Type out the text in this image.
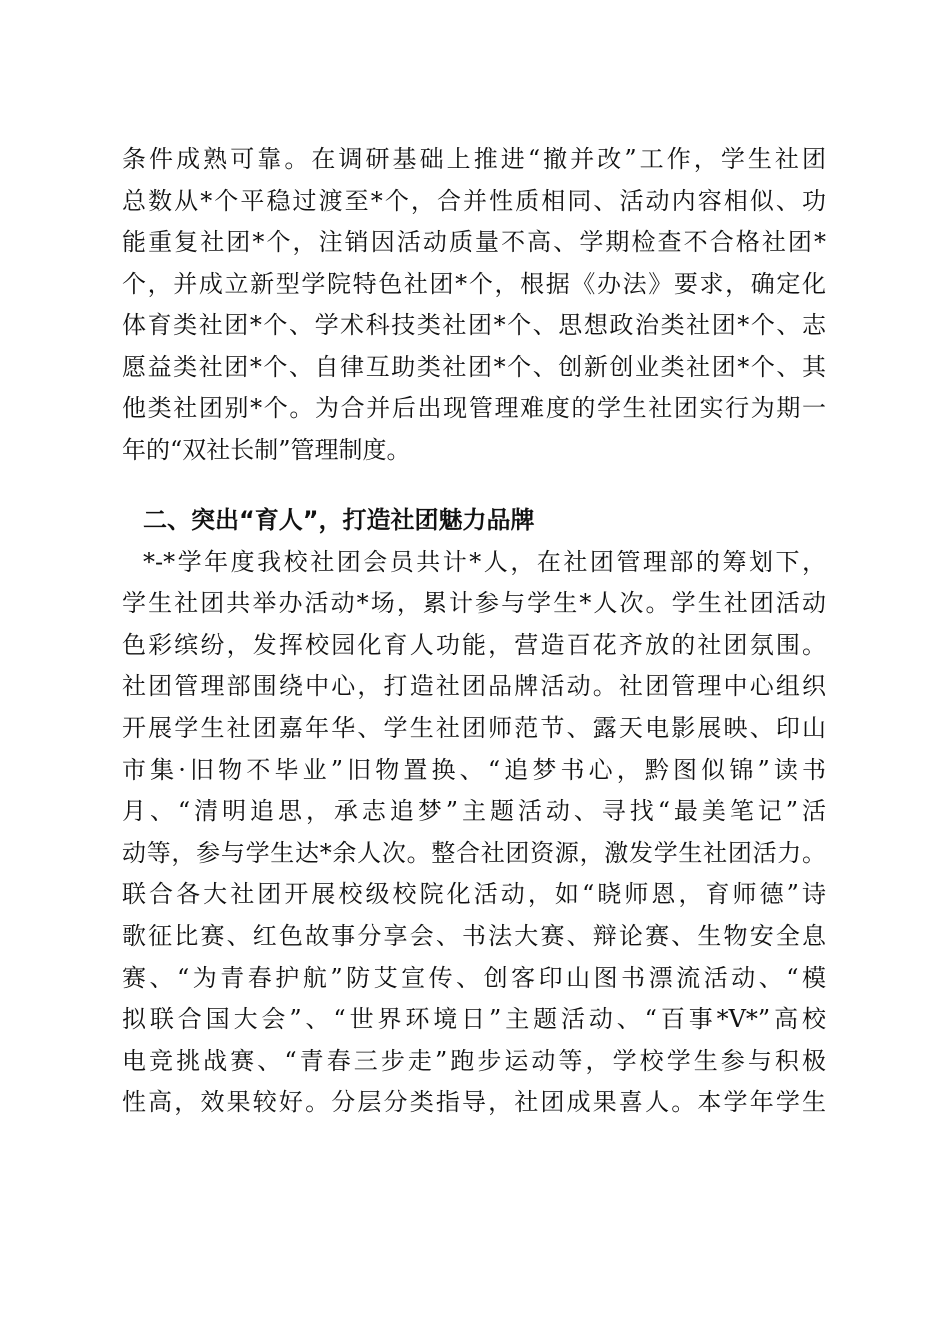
条件成熟可靠。在调研基础上推进“撤并改”工作，学生社团
总数从*个平稳过渡至*个，合并性质相同、活动内容相似、功
能重复社团*个，注销因活动质量不高、学期检查不合格社团*
个，并成立新型学院特色社团*个，根据《办法》要求，确定化
体育类社团*个、学术科技类社团*个、思想政治类社团*个、志
愿益类社团*个、自律互助类社团*个、创新创业类社团*个、其
他类社团别*个。为合并后出现管理难度的学生社团实行为期一
年的“双社长制”管理制度。
二、突出“育人”，打造社团魅力品牌
*-*学年度我校社团会员共计*人，在社团管理部的筹划下，
学生社团共举办活动*场，累计参与学生*人次。学生社团活动
色彩缤纷，发挥校园化育人功能，营造百花齐放的社团氛围。
社团管理部围绕中心，打造社团品牌活动。社团管理中心组织
开展学生社团嘉年华、学生社团师范节、露天电影展映、印山
市集·旧物不毕业”旧物置换、“追梦书心，黔图似锦”读书
月、“清明追思，承志追梦”主题活动、寻找“最美笔记”活
动等，参与学生达*余人次。整合社团资源，激发学生社团活力。
联合各大社团开展校级校院化活动，如“晓师恩，育师德”诗
歌征比赛、红色故事分享会、书法大赛、辩论赛、生物安全息
赛、“为青春护航”防艾宣传、创客印山图书漂流活动、“模
拟联合国大会”、“世界环境日”主题活动、“百事*V*”高校
电竞挑战赛、“青春三步走”跑步运动等，学校学生参与积极
性高，效果较好。分层分类指导，社团成果喜人。本学年学生
